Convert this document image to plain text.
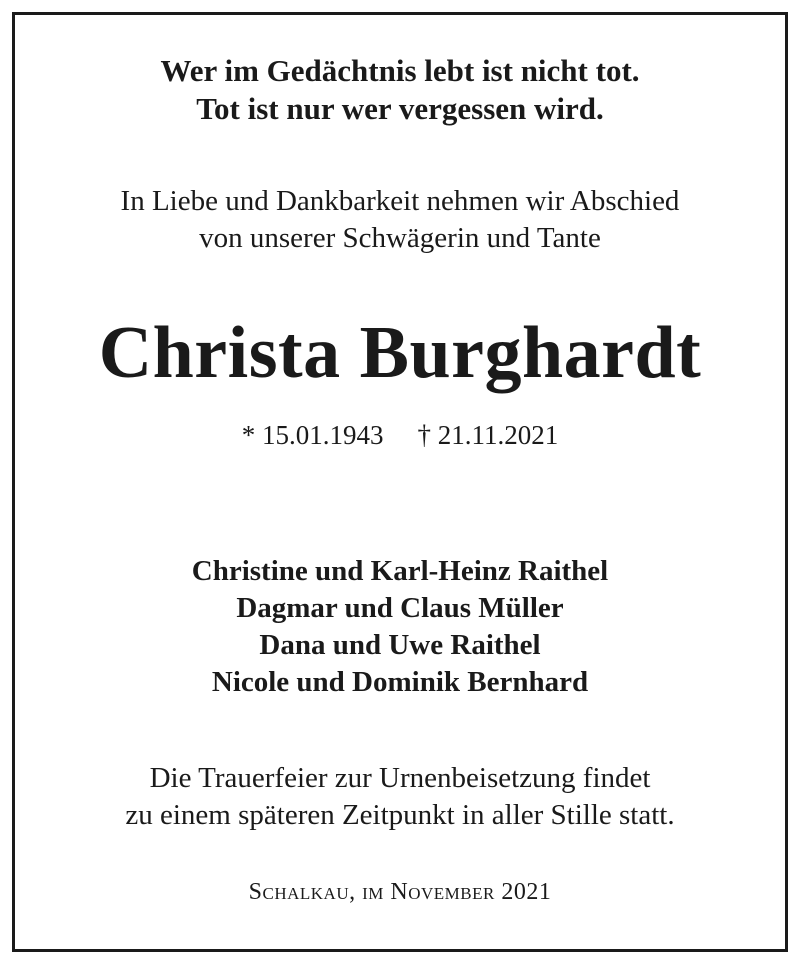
Wer im Gedächtnis lebt ist nicht tot.
Tot ist nur wer vergessen wird.
In Liebe und Dankbarkeit nehmen wir Abschied
von unserer Schwägerin und Tante
Christa Burghardt
* 15.01.1943 † 21.11.2021
Christine und Karl-Heinz Raithel
Dagmar und Claus Müller
Dana und Uwe Raithel
Nicole und Dominik Bernhard
Die Trauerfeier zur Urnenbeisetzung findet
zu einem späteren Zeitpunkt in aller Stille statt.
Schalkau, im November 2021
